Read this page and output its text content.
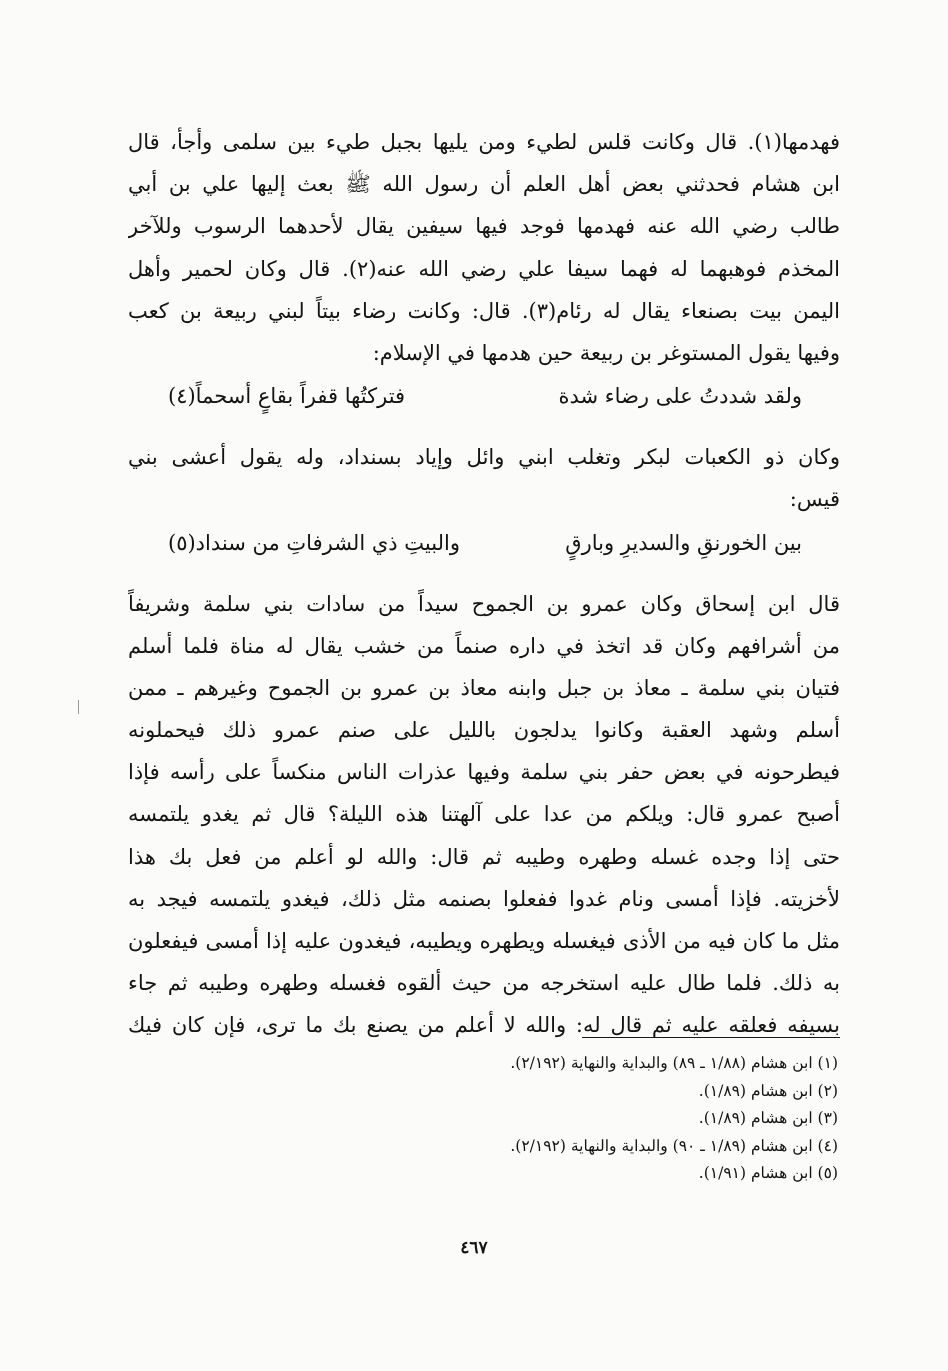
فهدمها(١). قال وكانت قلس لطيء ومن يليها بجبل طيء بين سلمى وأجأ، قال
ابن هشام فحدثني بعض أهل العلم أن رسول الله ﷺ بعث إليها علي بن أبي
طالب رضي الله عنه فهدمها فوجد فيها سيفين يقال لأحدهما الرسوب وللآخر
المخذم فوهبهما له فهما سيفا علي رضي الله عنه(٢). قال وكان لحمير وأهل
اليمن بيت بصنعاء يقال له رئام(٣). قال: وكانت رضاء بيتاً لبني ربيعة بن كعب
وفيها يقول المستوغر بن ربيعة حين هدمها في الإسلام:
ولقد شددتُ على رضاء شدة
فتركتُها قفراً بقاعٍ أسحماً(٤)
وكان ذو الكعبات لبكر وتغلب ابني وائل وإياد بسنداد، وله يقول أعشى بني
قيس:
بين الخورنقِ والسديرِ وبارقٍ
والبيتِ ذي الشرفاتِ من سنداد(٥)
قال ابن إسحاق وكان عمرو بن الجموح سيداً من سادات بني سلمة وشريفاً
من أشرافهم وكان قد اتخذ في داره صنماً من خشب يقال له مناة فلما أسلم
فتيان بني سلمة ـ معاذ بن جبل وابنه معاذ بن عمرو بن الجموح وغيرهم ـ ممن
أسلم وشهد العقبة وكانوا يدلجون بالليل على صنم عمرو ذلك فيحملونه
فيطرحونه في بعض حفر بني سلمة وفيها عذرات الناس منكساً على رأسه فإذا
أصبح عمرو قال: ويلكم من عدا على آلهتنا هذه الليلة؟ قال ثم يغدو يلتمسه
حتى إذا وجده غسله وطهره وطيبه ثم قال: والله لو أعلم من فعل بك هذا
لأخزيته. فإذا أمسى ونام غدوا ففعلوا بصنمه مثل ذلك، فيغدو يلتمسه فيجد به
مثل ما كان فيه من الأذى فيغسله ويطهره ويطيبه، فيغدون عليه إذا أمسى فيفعلون
به ذلك. فلما طال عليه استخرجه من حيث ألقوه فغسله وطهره وطيبه ثم جاء
بسيفه فعلقه عليه ثم قال له: والله لا أعلم من يصنع بك ما ترى، فإن كان فيك
(١) ابن هشام (١/٨٨ ـ ٨٩) والبداية والنهاية (٢/١٩٢).
(٢) ابن هشام (١/٨٩).
(٣) ابن هشام (١/٨٩).
(٤) ابن هشام (١/٨٩ ـ ٩٠) والبداية والنهاية (٢/١٩٢).
(٥) ابن هشام (١/٩١).
٤٦٧
